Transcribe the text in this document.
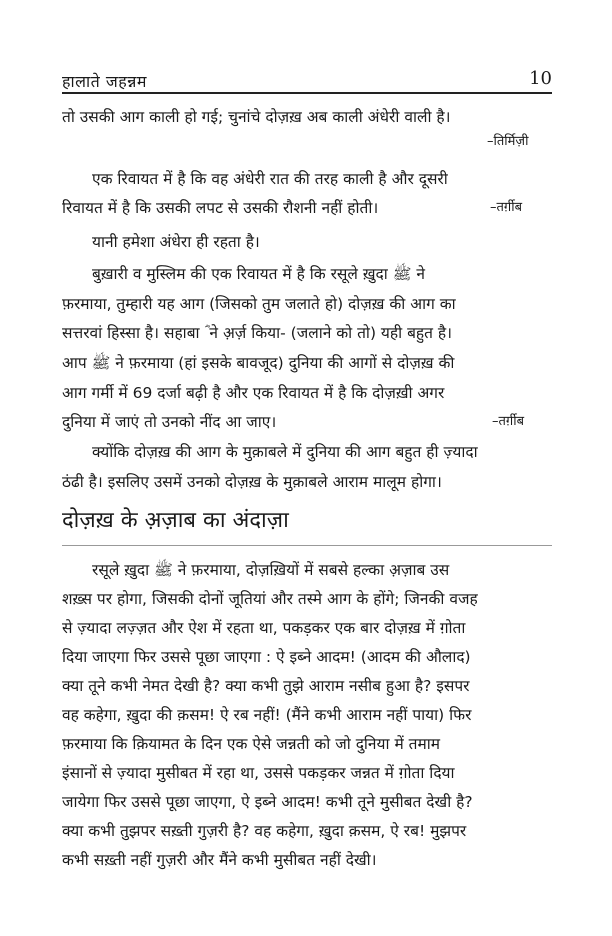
हालाते जहन्नम	10
तो उसकी आग काली हो गई; चुनांचे दोज़ख़ अब काली अंधेरी वाली है।
–तिर्मिज़ी
एक रिवायत में है कि वह अंधेरी रात की तरह काली है और दूसरी
रिवायत में है कि उसकी लपट से उसकी रौशनी नहीं होती।	–तर्ग़ीब
यानी हमेशा अंधेरा ही रहता है।
बुख़ारी व मुस्लिम की एक रिवायत में है कि रसूले ख़ुदा ﷺ ने
फ़रमाया, तुम्हारी यह आग (जिसको तुम जलाते हो) दोज़ख़ की आग का
सत्तरवां हिस्सा है। सहाबा ؓ ने अ़र्ज़ किया- (जलाने को तो) यही बहुत है।
आप ﷺ ने फ़रमाया (हां इसके बावजूद) दुनिया की आगों से दोज़ख़ की
आग गर्मी में 69 दर्जा बढ़ी है और एक रिवायत में है कि दोज़ख़ी अगर
दुनिया में जाएं तो उनको नींद आ जाए।	–तर्ग़ीब
क्योंकि दोज़ख़ की आग के मुक़ाबले में दुनिया की आग बहुत ही ज़्यादा
ठंढी है। इसलिए उसमें उनको दोज़ख़ के मुक़ाबले आराम मालूम होगा।
दोज़ख़ के अ़ज़ाब का अंदाज़ा
रसूले ख़ुदा ﷺ ने फ़रमाया, दोज़ख़ियों में सबसे हल्का अ़ज़ाब उस
शख़्स पर होगा, जिसकी दोनों जूतियां और तस्मे आग के होंगे; जिनकी वजह
से ज़्यादा लज़्ज़त और ऐश में रहता था, पकड़कर एक बार दोज़ख़ में ग़ोता
दिया जाएगा फिर उससे पूछा जाएगा : ऐ इब्ने आदम! (आदम की औलाद)
क्या तूने कभी नेमत देखी है? क्या कभी तुझे आराम नसीब हुआ है? इसपर
वह कहेगा, ख़ुदा की क़सम! ऐ रब नहीं! (मैंने कभी आराम नहीं पाया) फिर
फ़रमाया कि क़ियामत के दिन एक ऐसे जन्नती को जो दुनिया में तमाम
इंसानों से ज़्यादा मुसीबत में रहा था, उससे पकड़कर जन्नत में ग़ोता दिया
जायेगा फिर उससे पूछा जाएगा, ऐ इब्ने आदम! कभी तूने मुसीबत देखी है?
क्या कभी तुझपर सख़्ती गुज़री है? वह कहेगा, ख़ुदा क़सम, ऐ रब! मुझपर
कभी सख़्ती नहीं गुज़री और मैंने कभी मुसीबत नहीं देखी।
